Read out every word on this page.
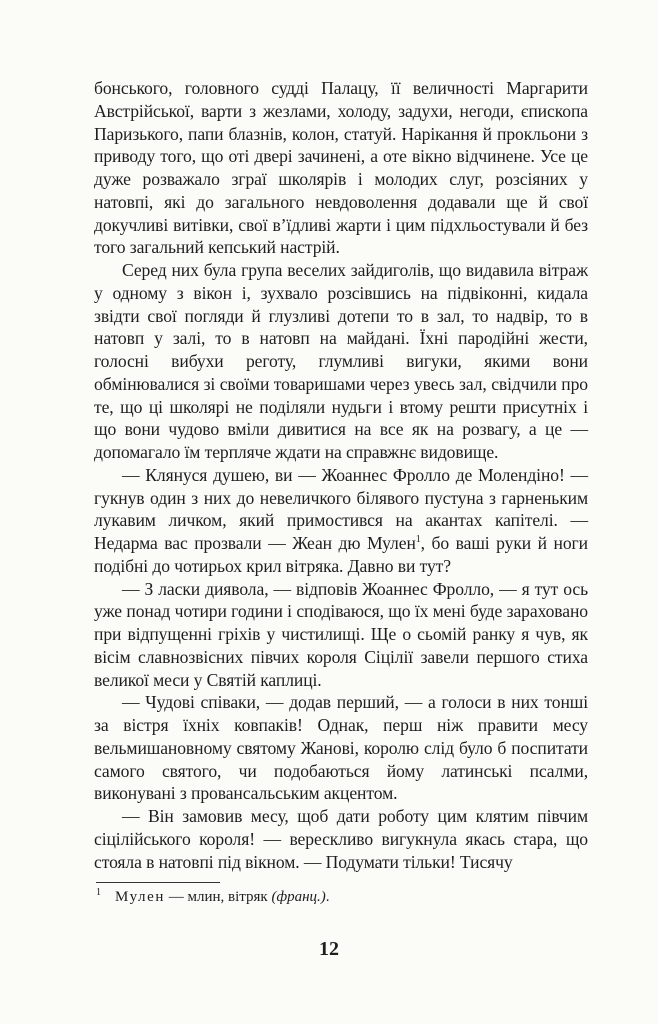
бонського, головного судді Палацу, її величності Маргарити Австрійської, варти з жезлами, холоду, задухи, негоди, єпископа Паризького, папи блазнів, колон, статуй. Нарікання й прокльони з приводу того, що оті двері зачинені, а оте вікно відчинене. Усе це дуже розважало зграї школярів і молодих слуг, розсіяних у натовпі, які до загального невдоволення додавали ще й свої докучливі витівки, свої в’їдливі жарти і цим підхльостували й без того загальний кепський настрій.

Серед них була група веселих зайдиголів, що видавила вітраж у одному з вікон і, зухвало розсівшись на підвіконні, кидала звідти свої погляди й глузливі дотепи то в зал, то надвір, то в натовп у залі, то в натовп на майдані. Їхні пародійні жести, голосні вибухи реготу, глумливі вигуки, якими вони обмінювалися зі своїми товаришами через увесь зал, свідчили про те, що ці школярі не поділяли нудьги і втому решти присутніх і що вони чудово вміли дивитися на все як на розвагу, а це — допомагало їм терпляче ждати на справжнє видовище.

— Клянуся душею, ви — Жоаннес Фролло де Молендіно! — гукнув один з них до невеличкого білявого пустуна з гарненьким лукавим личком, який примостився на акантах капітелі. — Недарма вас прозвали — Жеан дю Мулен$^1$, бо ваші руки й ноги подібні до чотирьох крил вітряка. Давно ви тут?

— З ласки диявола, — відповів Жоаннес Фролло, — я тут ось уже понад чотири години і сподіваюся, що їх мені буде зараховано при відпущенні гріхів у чистилищі. Ще о сьомій ранку я чув, як вісім славнозвісних півчих короля Сіцілії завели першого стиха великої меси у Святій каплиці.

— Чудові співаки, — додав перший, — а голоси в них тонші за вістря їхніх ковпаків! Однак, перш ніж правити месу вельмишановному святому Жанові, королю слід було б поспитати самого святого, чи подобаються йому латинські псалми, виконувані з провансальським акцентом.

— Він замовив месу, щоб дати роботу цим клятим півчим сіцілійського короля! — верескливо вигукнула якась стара, що стояла в натовпі під вікном. — Подумати тільки! Тисячу

$^1$ Мулен — млин, вітряк (франц.).
12
